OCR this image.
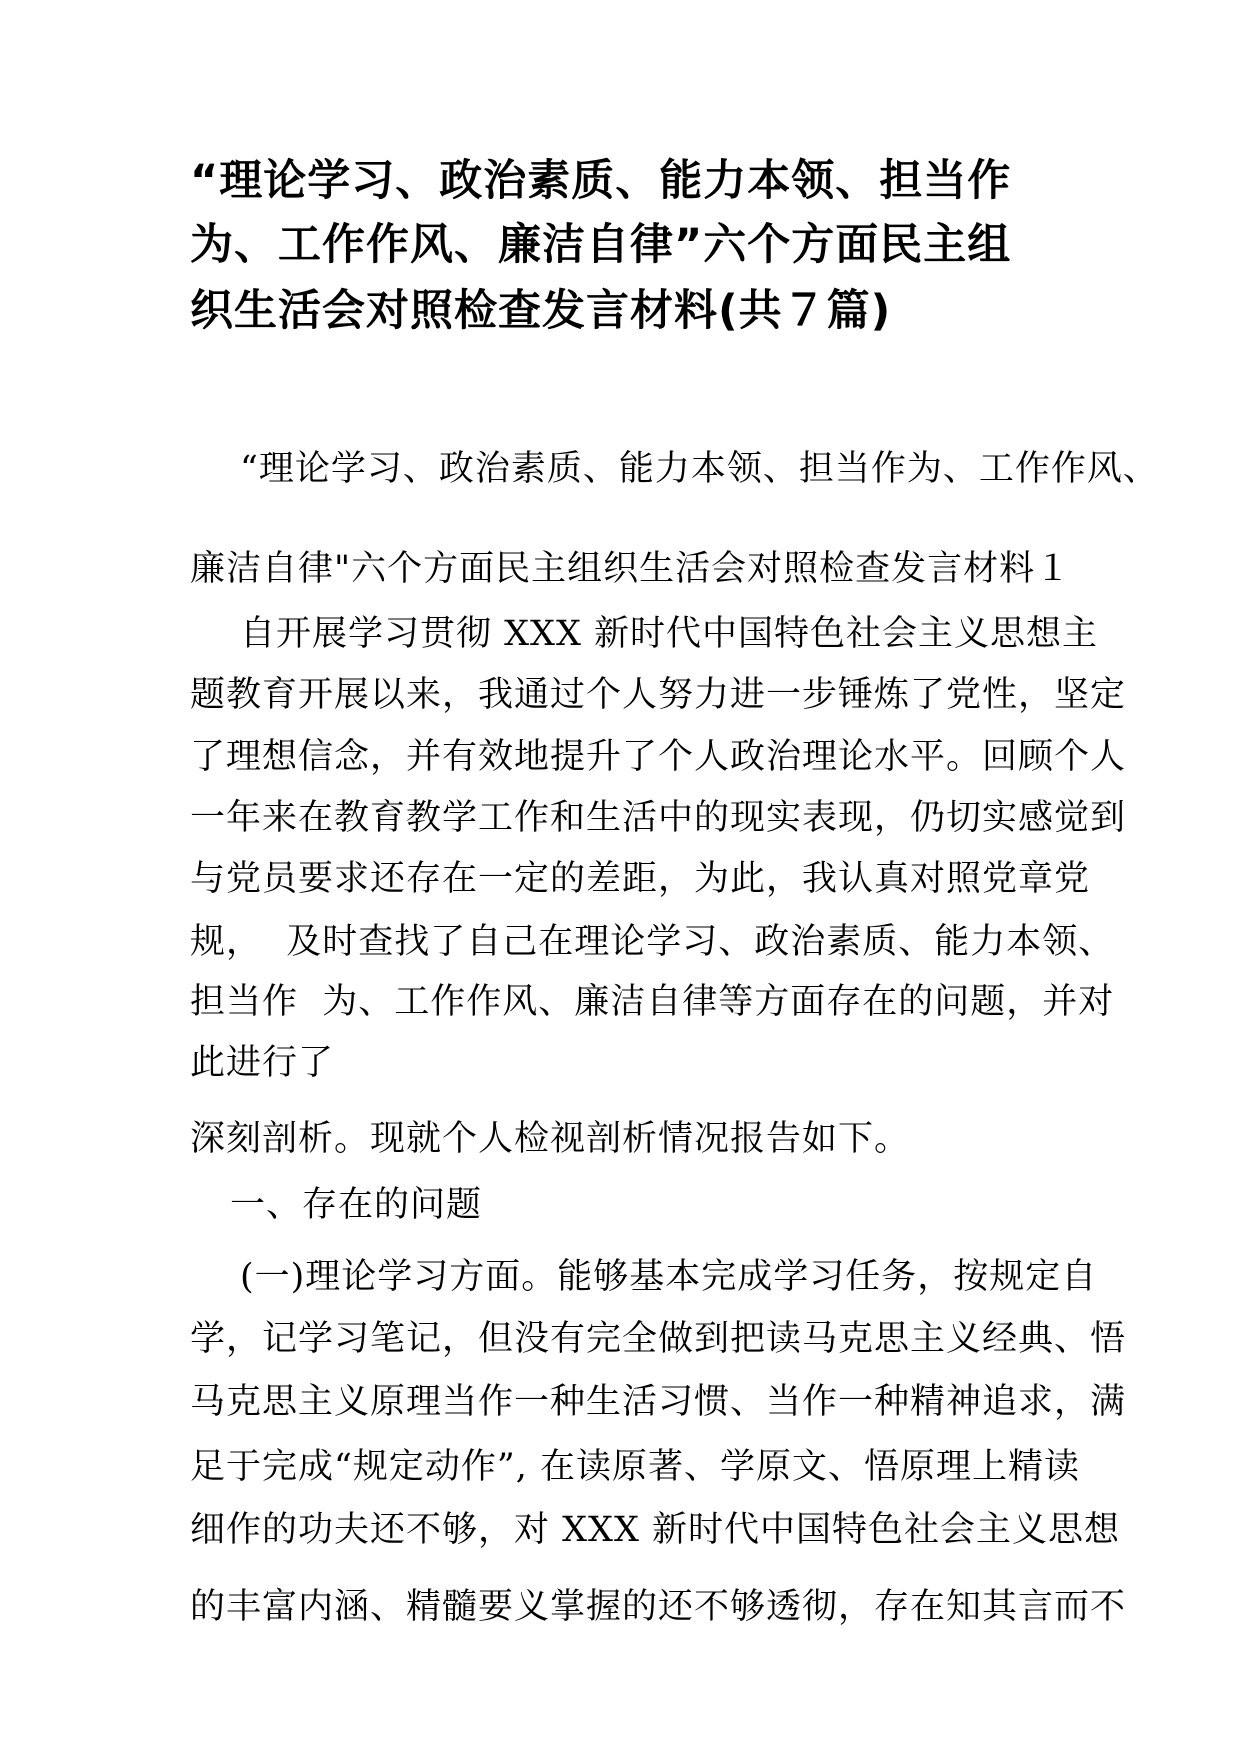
“理论学习、政治素质、能力本领、担当作
为、工作作风、廉洁自律”六个方面民主组
织生活会对照检查发言材料(共７篇)
“理论学习、政治素质、能力本领、担当作为、工作作风、
廉洁自律"六个方面民主组织生活会对照检查发言材料１
自开展学习贯彻 XXX 新时代中国特色社会主义思想主
题教育开展以来，我通过个人努力进一步锤炼了党性，坚定
了理想信念，并有效地提升了个人政治理论水平。回顾个人
一年来在教育教学工作和生活中的现实表现，仍切实感觉到
与党员要求还存在一定的差距，为此，我认真对照党章党
规，  及时查找了自己在理论学习、政治素质、能力本领、
担当作  为、工作作风、廉洁自律等方面存在的问题，并对
此进行了
深刻剖析。现就个人检视剖析情况报告如下。
一、存在的问题
(一)理论学习方面。能够基本完成学习任务，按规定自
学，记学习笔记，但没有完全做到把读马克思主义经典、悟
马克思主义原理当作一种生活习惯、当作一种精神追求，满
足于完成“规定动作”, 在读原著、学原文、悟原理上精读
细作的功夫还不够，对 XXX 新时代中国特色社会主义思想
的丰富内涵、精髓要义掌握的还不够透彻，存在知其言而不
